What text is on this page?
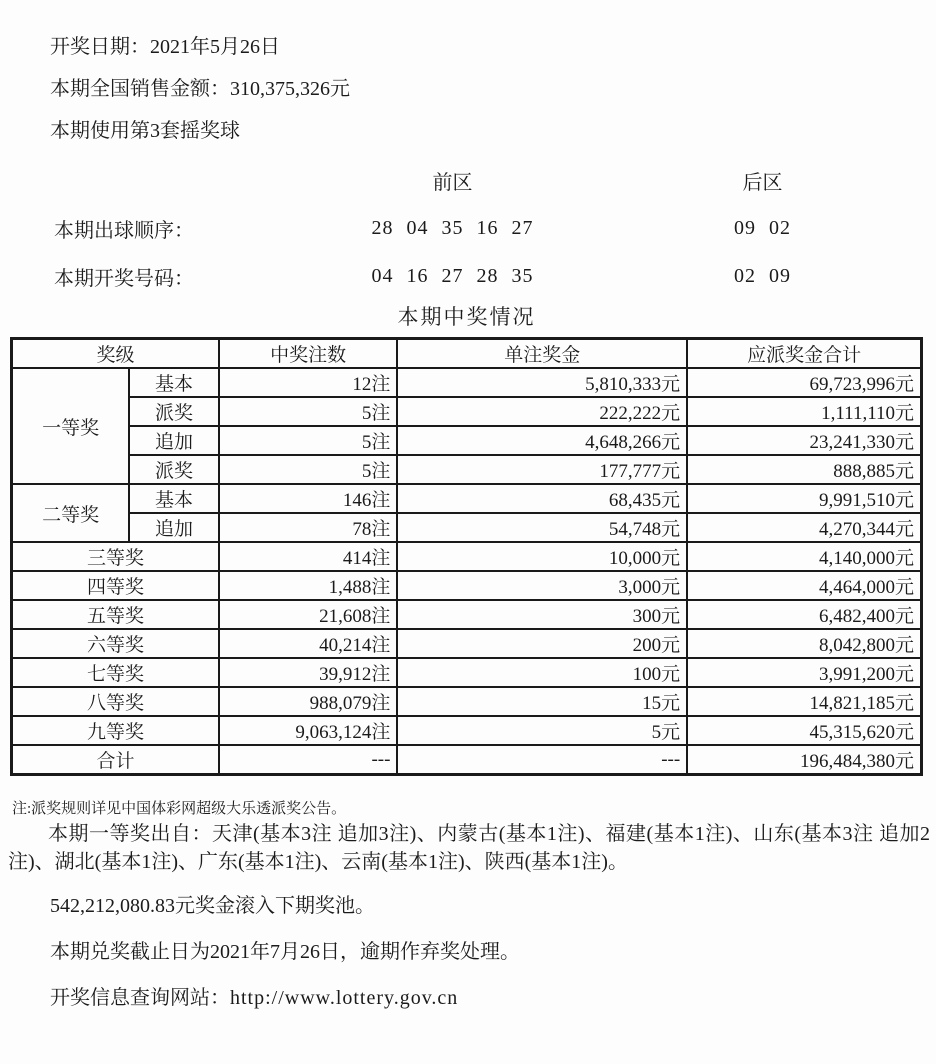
开奖日期：2021年5月26日

本期全国销售金额：310,375,326元

本期使用第3套摇奖球

前区	后区
本期出球顺序：	28 04 35 16 27	09 02
本期开奖号码：	04 16 27 28 35	02 09
本期中奖情况
奖级		中奖注数	单注奖金	应派奖金合计
一等奖	基本	12注	5,810,333元	69,723,996元
	派奖	5注	222,222元	1,111,110元
	追加	5注	4,648,266元	23,241,330元
	派奖	5注	177,777元	888,885元
二等奖	基本	146注	68,435元	9,991,510元
	追加	78注	54,748元	4,270,344元
三等奖		414注	10,000元	4,140,000元
四等奖		1,488注	3,000元	4,464,000元
五等奖		21,608注	300元	6,482,400元
六等奖		40,214注	200元	8,042,800元
七等奖		39,912注	100元	3,991,200元
八等奖		988,079注	15元	14,821,185元
九等奖		9,063,124注	5元	45,315,620元
合计		---	---	196,484,380元
注:派奖规则详见中国体彩网超级大乐透派奖公告。
本期一等奖出自：天津(基本3注 追加3注)、内蒙古(基本1注)、福建(基本1注)、山东(基本3注 追加2注)、湖北(基本1注)、广东(基本1注)、云南(基本1注)、陕西(基本1注)。
542,212,080.83元奖金滚入下期奖池。
本期兑奖截止日为2021年7月26日，逾期作弃奖处理。
开奖信息查询网站：http://www.lottery.gov.cn
